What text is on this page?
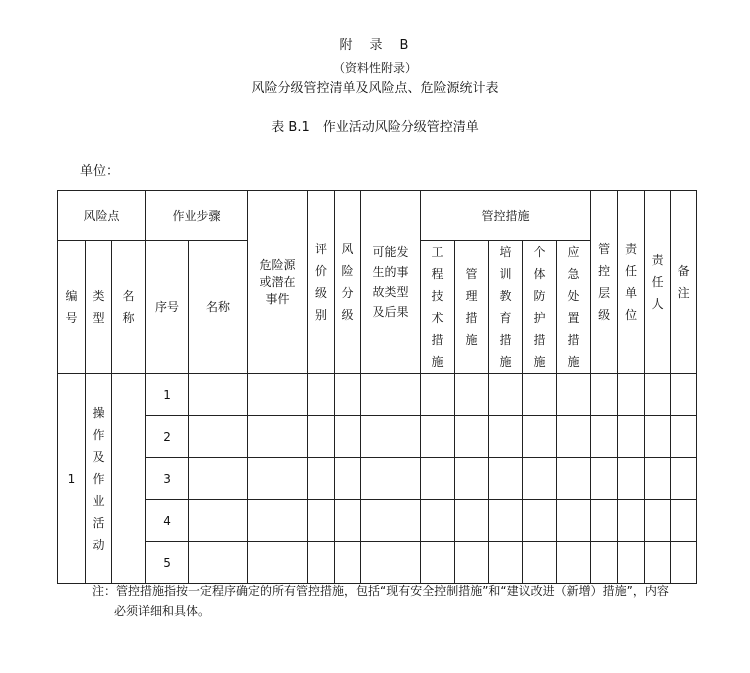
附　录　B
（资料性附录）
风险分级管控清单及风险点、危险源统计表
表 B.1　作业活动风险分级管控清单
单位：
风险点			作业步骤		危险源或潜在事件	评价级别	风险分级	可能发生的事故类型及后果	管控措施					管控层级	责任单位	责任人	备注
编号	类型	名称	序号	名称					工程技术措施	管理措施	培训教育措施	个体防护措施	应急处置措施				
1	操作及作业活动		1														
			2														
			3														
			4														
			5														
注：管控措施指按一定程序确定的所有管控措施，包括“现有安全控制措施”和“建议改进（新增）措施”，内容
必须详细和具体。
